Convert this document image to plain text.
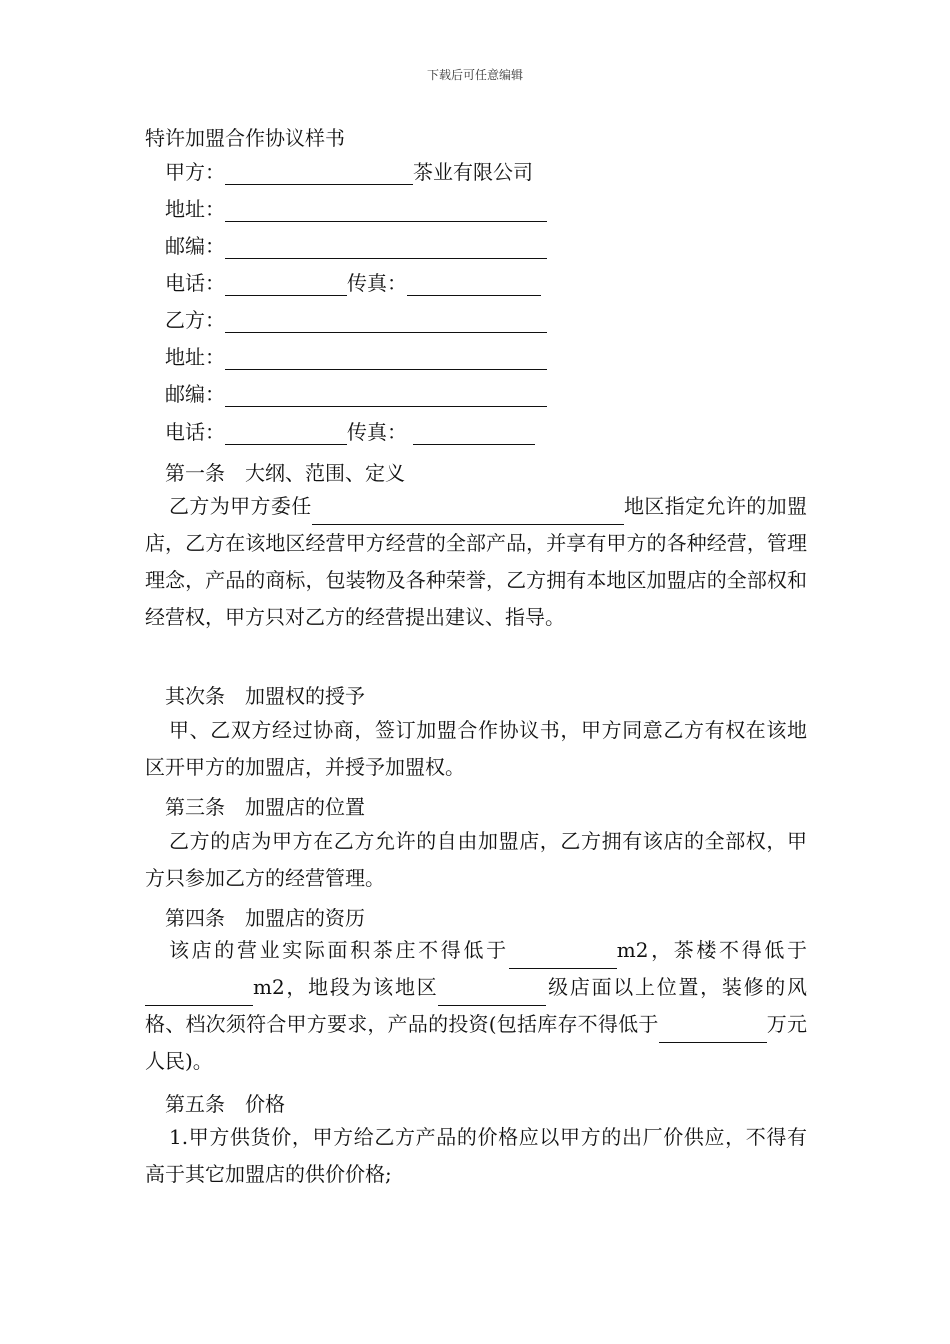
下载后可任意编辑
特许加盟合作协议样书
甲方：	茶业有限公司
地址：
邮编：
电话：	传真：
乙方：
地址：
邮编：
电话：	传真：
第一条 大纲、范围、定义
乙方为甲方委任	地区指定允许的加盟店，乙方在该地区经营甲方经营的全部产品，并享有甲方的各种经营，管理理念，产品的商标，包装物及各种荣誉，乙方拥有本地区加盟店的全部权和经营权，甲方只对乙方的经营提出建议、指导。
其次条 加盟权的授予
甲、乙双方经过协商，签订加盟合作协议书，甲方同意乙方有权在该地区开甲方的加盟店，并授予加盟权。
第三条 加盟店的位置
乙方的店为甲方在乙方允许的自由加盟店，乙方拥有该店的全部权，甲方只参加乙方的经营管理。
第四条 加盟店的资历
该店的营业实际面积茶庄不得低于	m2，茶楼不得低于m2，地段为该地区	级店面以上位置，装修的风格、档次须符合甲方要求，产品的投资(包括库存不得低于	万元人民)。
第五条 价格
1.甲方供货价，甲方给乙方产品的价格应以甲方的出厂价供应，不得有高于其它加盟店的供价价格;
